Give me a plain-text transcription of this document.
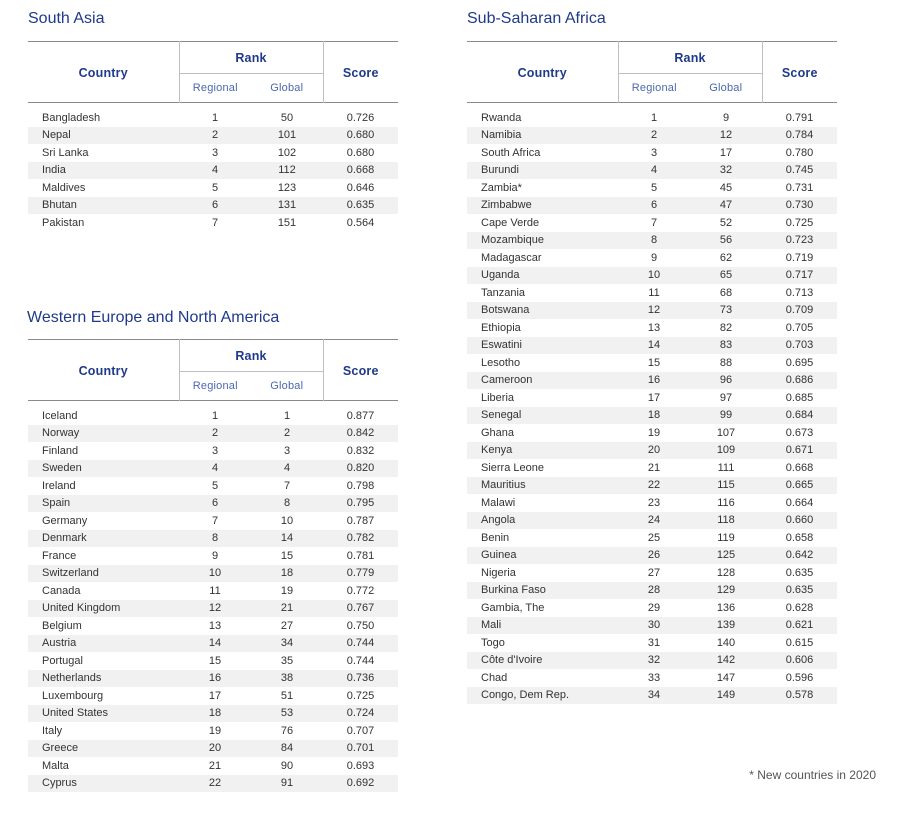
South Asia
Country	Rank		Score
	Regional	Global	

Bangladesh	1	50	0.726
Nepal	2	101	0.680
Sri Lanka	3	102	0.680
India	4	112	0.668
Maldives	5	123	0.646
Bhutan	6	131	0.635
Pakistan	7	151	0.564
Western Europe and North America
Country	Rank		Score
	Regional	Global	

Iceland	1	1	0.877
Norway	2	2	0.842
Finland	3	3	0.832
Sweden	4	4	0.820
Ireland	5	7	0.798
Spain	6	8	0.795
Germany	7	10	0.787
Denmark	8	14	0.782
France	9	15	0.781
Switzerland	10	18	0.779
Canada	11	19	0.772
United Kingdom	12	21	0.767
Belgium	13	27	0.750
Austria	14	34	0.744
Portugal	15	35	0.744
Netherlands	16	38	0.736
Luxembourg	17	51	0.725
United States	18	53	0.724
Italy	19	76	0.707
Greece	20	84	0.701
Malta	21	90	0.693
Cyprus	22	91	0.692
Sub-Saharan Africa
Country	Rank		Score
	Regional	Global	

Rwanda	1	9	0.791
Namibia	2	12	0.784
South Africa	3	17	0.780
Burundi	4	32	0.745
Zambia*	5	45	0.731
Zimbabwe	6	47	0.730
Cape Verde	7	52	0.725
Mozambique	8	56	0.723
Madagascar	9	62	0.719
Uganda	10	65	0.717
Tanzania	11	68	0.713
Botswana	12	73	0.709
Ethiopia	13	82	0.705
Eswatini	14	83	0.703
Lesotho	15	88	0.695
Cameroon	16	96	0.686
Liberia	17	97	0.685
Senegal	18	99	0.684
Ghana	19	107	0.673
Kenya	20	109	0.671
Sierra Leone	21	111	0.668
Mauritius	22	115	0.665
Malawi	23	116	0.664
Angola	24	118	0.660
Benin	25	119	0.658
Guinea	26	125	0.642
Nigeria	27	128	0.635
Burkina Faso	28	129	0.635
Gambia, The	29	136	0.628
Mali	30	139	0.621
Togo	31	140	0.615
Côte d'Ivoire	32	142	0.606
Chad	33	147	0.596
Congo, Dem Rep.	34	149	0.578
* New countries in 2020
